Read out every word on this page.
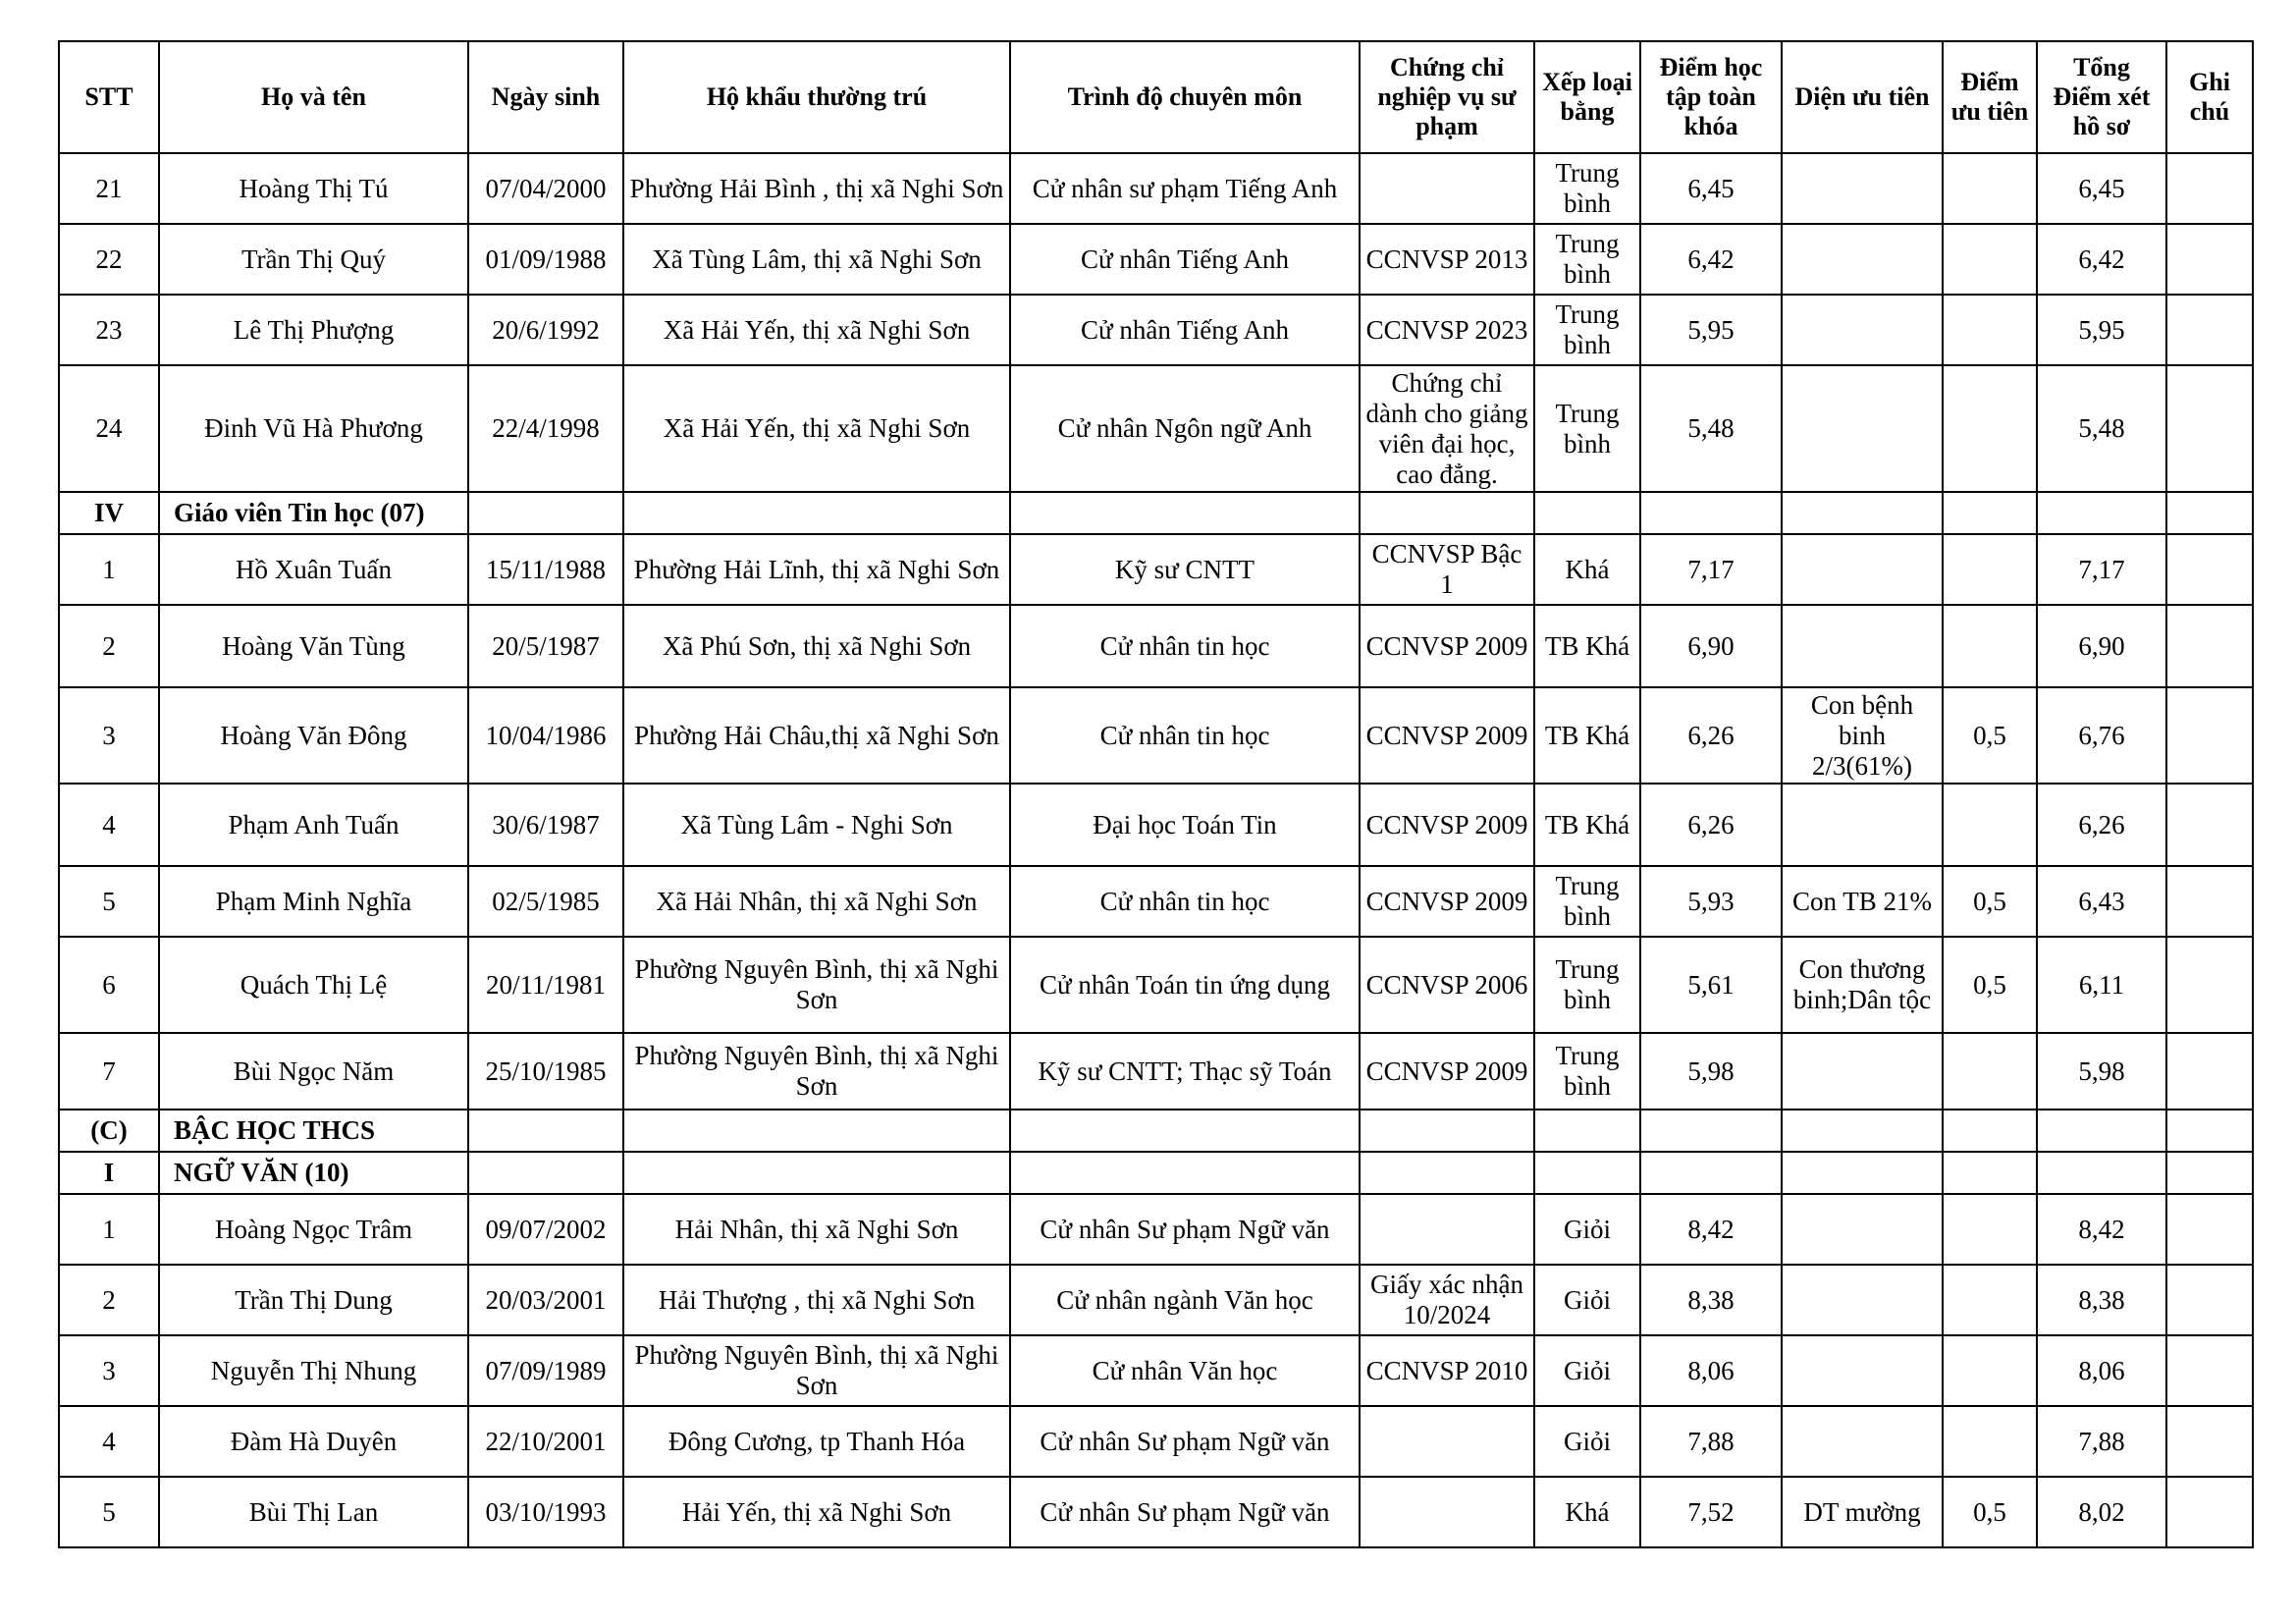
STT	Họ và tên	Ngày sinh	Hộ khẩu thường trú	Trình độ chuyên môn	Chứng chỉ nghiệp vụ sư phạm	Xếp loại bằng	Điểm học tập toàn khóa	Diện ưu tiên	Điểm ưu tiên	Tổng Điểm xét hồ sơ	Ghi chú
21	Hoàng Thị Tú	07/04/2000	Phường Hải Bình , thị xã Nghi Sơn	Cử nhân sư phạm Tiếng Anh		Trung bình	6,45			6,45	
22	Trần Thị Quý	01/09/1988	Xã Tùng Lâm, thị xã Nghi Sơn	Cử nhân Tiếng Anh	CCNVSP 2013	Trung bình	6,42			6,42	
23	Lê Thị Phượng	20/6/1992	Xã Hải Yến, thị xã Nghi Sơn	Cử nhân Tiếng Anh	CCNVSP 2023	Trung bình	5,95			5,95	
24	Đinh Vũ Hà Phương	22/4/1998	Xã Hải Yến, thị xã Nghi Sơn	Cử nhân Ngôn ngữ Anh	Chứng chỉ dành cho giảng viên đại học, cao đẳng.	Trung bình	5,48			5,48	
IV	Giáo viên Tin học (07)										
1	Hồ Xuân Tuấn	15/11/1988	Phường Hải Lĩnh, thị xã Nghi Sơn	Kỹ sư CNTT	CCNVSP Bậc 1	Khá	7,17			7,17	
2	Hoàng Văn Tùng	20/5/1987	Xã Phú Sơn, thị xã Nghi Sơn	Cử nhân tin học	CCNVSP 2009	TB Khá	6,90			6,90	
3	Hoàng Văn Đông	10/04/1986	Phường Hải Châu,thị xã Nghi Sơn	Cử nhân tin học	CCNVSP 2009	TB Khá	6,26	Con bệnh binh 2/3(61%)	0,5	6,76	
4	Phạm Anh Tuấn	30/6/1987	Xã Tùng Lâm - Nghi Sơn	Đại học Toán Tin	CCNVSP 2009	TB Khá	6,26			6,26	
5	Phạm Minh Nghĩa	02/5/1985	Xã Hải Nhân, thị xã Nghi Sơn	Cử nhân tin học	CCNVSP 2009	Trung bình	5,93	Con TB 21%	0,5	6,43	
6	Quách Thị Lệ	20/11/1981	Phường Nguyên Bình, thị xã Nghi Sơn	Cử nhân Toán tin ứng dụng	CCNVSP 2006	Trung bình	5,61	Con thương binh;Dân tộc	0,5	6,11	
7	Bùi Ngọc Năm	25/10/1985	Phường Nguyên Bình, thị xã Nghi Sơn	Kỹ sư CNTT; Thạc sỹ Toán	CCNVSP 2009	Trung bình	5,98			5,98	
(C)	BẬC HỌC THCS										
I	NGỮ VĂN (10)										
1	Hoàng Ngọc Trâm	09/07/2002	Hải Nhân, thị xã Nghi Sơn	Cử nhân Sư phạm Ngữ văn		Giỏi	8,42			8,42	
2	Trần Thị Dung	20/03/2001	Hải Thượng , thị xã Nghi Sơn	Cử nhân ngành Văn học	Giấy xác nhận 10/2024	Giỏi	8,38			8,38	
3	Nguyễn Thị Nhung	07/09/1989	Phường Nguyên Bình, thị xã Nghi Sơn	Cử nhân Văn học	CCNVSP 2010	Giỏi	8,06			8,06	
4	Đàm Hà Duyên	22/10/2001	Đông Cương, tp Thanh Hóa	Cử nhân Sư phạm Ngữ văn		Giỏi	7,88			7,88	
5	Bùi Thị Lan	03/10/1993	Hải Yến, thị xã Nghi Sơn	Cử nhân Sư phạm Ngữ văn		Khá	7,52	DT mường	0,5	8,02	
